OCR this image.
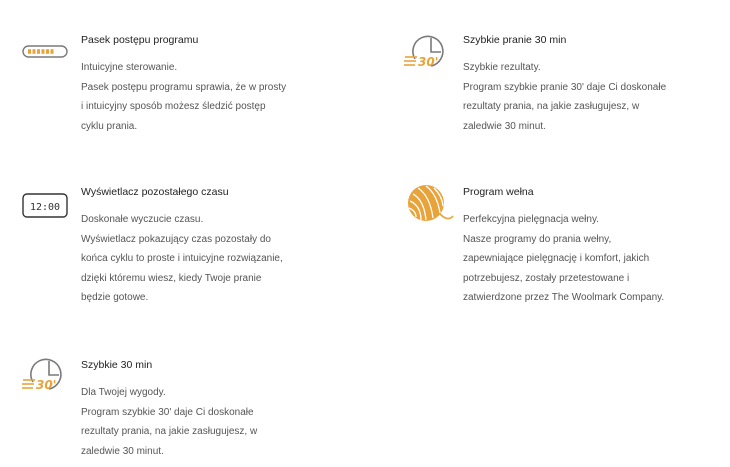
Pasek postępu programu

Intuicyjne sterowanie.
Pasek postępu programu sprawia, że w prosty
i intuicyjny sposób możesz śledzić postęp
cyklu prania.
30'

Szybkie pranie 30 min

Szybkie rezultaty.
Program szybkie pranie 30' daje Ci doskonałe
rezultaty prania, na jakie zasługujesz, w
zaledwie 30 minut.
12:00

Wyświetlacz pozostałego czasu

Doskonałe wyczucie czasu.
Wyświetlacz pokazujący czas pozostały do
końca cyklu to proste i intuicyjne rozwiązanie,
dzięki któremu wiesz, kiedy Twoje pranie
będzie gotowe.

Program wełna

Perfekcyjna pielęgnacja wełny.
Nasze programy do prania wełny,
zapewniające pielęgnację i komfort, jakich
potrzebujesz, zostały przetestowane i
zatwierdzone przez The Woolmark Company.
30'

Szybkie 30 min

Dla Twojej wygody.
Program szybkie 30' daje Ci doskonałe
rezultaty prania, na jakie zasługujesz, w
zaledwie 30 minut.
